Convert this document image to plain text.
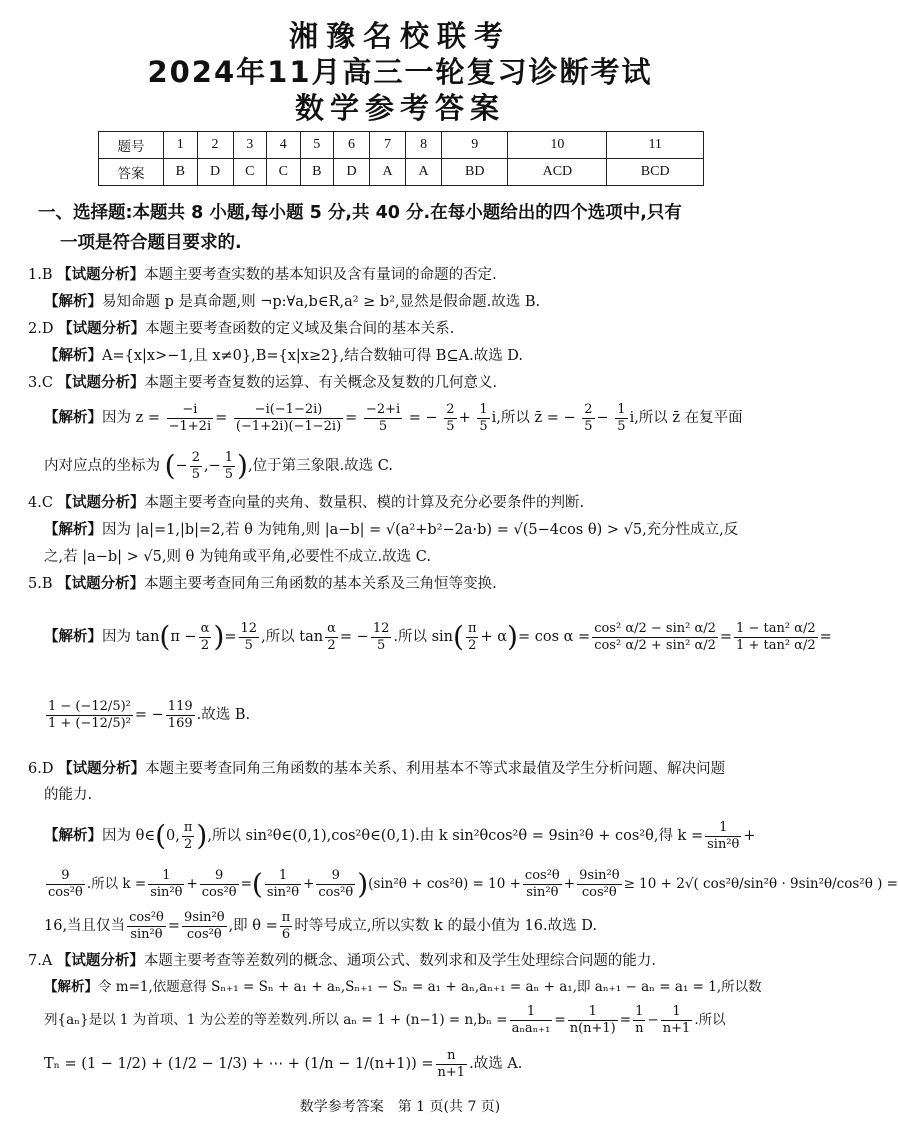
湘豫名校联考
2024年11月高三一轮复习诊断考试
数学参考答案
题号	1	2	3	4	5	6	7	8	9	10	11
答案	B	D	C	C	B	D	A	A	BD	ACD	BCD
一、选择题:本题共 8 小题,每小题 5 分,共 40 分.在每小题给出的四个选项中,只有
一项是符合题目要求的.
1.B 【试题分析】本题主要考查实数的基本知识及含有量词的命题的否定.
【解析】易知命题 p 是真命题,则 ¬p:∀a,b∈R,a² ≥ b²,显然是假命题.故选 B.
2.D 【试题分析】本题主要考查函数的定义域及集合间的基本关系.
【解析】A={x|x>−1,且 x≠0},B={x|x≥2},结合数轴可得 B⊆A.故选 D.
3.C 【试题分析】本题主要考查复数的运算、有关概念及复数的几何意义.
【解析】因为 $z = \frac{-i}{-1+2i} = \frac{-i(-1-2i)}{(-1+2i)(-1-2i)} = \frac{-2+i}{5}$ = − $\frac{2}{5} + \frac{1}{5} i$,所以 z̄ = − $\frac{2}{5} - \frac{1}{5} i$,所以 z̄ 在复平面
内对应点的坐标为 (− $\frac{2}{5}$ ,− $\frac{1}{5}$ ),位于第三象限.故选 C.
4.C 【试题分析】本题主要考查向量的夹角、数量积、模的计算及充分必要条件的判断.
【解析】因为 |a|=1,|b|=2,若 θ 为钝角,则 |a−b| = √(a²+b²−2a·b) = √(5−4cos θ) > √5,充分性成立,反
之,若 |a−b| > √5,则 θ 为钝角或平角,必要性不成立.故选 C.
5.B 【试题分析】本题主要考查同角三角函数的基本关系及三角恒等变换.
【解析】因为 $\tan(\pi - \frac{\alpha}{2}$ )= $\frac{12}{5}$ ,所以 $\tan \frac{\alpha}{2}$ = − $\frac{12}{5}$ .所以 $\sin( \frac{\pi}{2} + \alpha)= \cos \alpha = \frac{\text{cos² α/2 − sin² α/2}}{\text{cos² α/2 + sin² α/2}} = \frac{\text{1 − tan² α/2}}{\text{1 + tan² α/2}}$ =
$\frac{\text{1 − (−12/5)²}}{\text{1 + (−12/5)²}}$ = − $\frac{119}{169}$ .故选 B.
6.D 【试题分析】本题主要考查同角三角函数的基本关系、利用基本不等式求最值及学生分析问题、解决问题
的能力.
【解析】因为 θ∈(0, $\frac{\pi}{2}$ ),所以 sin²θ∈(0,1),cos²θ∈(0,1).由 k sin²θcos²θ = 9sin²θ + cos²θ,得 $k = \frac{1}{\text{sin²θ}}$ +
$\frac{9}{\text{cos²θ}}$ .所以 $k = \frac{1}{\text{sin²θ}} + \frac{9}{\text{cos²θ}}$ =( $\frac{1}{\text{sin²θ}} + \frac{9}{\text{cos²θ}} )(\sin^2\theta + \cos^2\theta) = 10 + \frac{\text{cos²θ}}{\text{sin²θ}} + \frac{\text{9sin²θ}}{\text{cos²θ}} \ge 10 + 2√$( cos²θ/sin²θ · 9sin²θ/cos²θ ) =
16,当且仅当 $\frac{\text{cos²θ}}{\text{sin²θ}} = \frac{\text{9sin²θ}}{\text{cos²θ}}$ ,即 $\theta = \frac{\pi}{6}$ 时等号成立,所以实数 k 的最小值为 16.故选 D.
7.A 【试题分析】本题主要考查等差数列的概念、通项公式、数列求和及学生处理综合问题的能力.
【解析】令 m=1,依题意得 Sₙ₊₁ = Sₙ + a₁ + aₙ,Sₙ₊₁ − Sₙ = a₁ + aₙ,aₙ₊₁ = aₙ + a₁,即 aₙ₊₁ − aₙ = a₁ = 1,所以数
列{aₙ}是以 1 为首项、1 为公差的等差数列.所以 $a_n = 1 + (n-1) = n,b_n = \frac{1}{\text{aₙaₙ₊₁}} = \frac{1}{n(n+1)} = \frac{1}{n} - \frac{1}{n+1}$ .所以
Tₙ = (1 − 1/2) + (1/2 − 1/3) + ⋯ + $(1/n - 1/(n+1)) = \frac{n}{n+1}$ .故选 A.
数学参考答案　第 1 页(共 7 页)
